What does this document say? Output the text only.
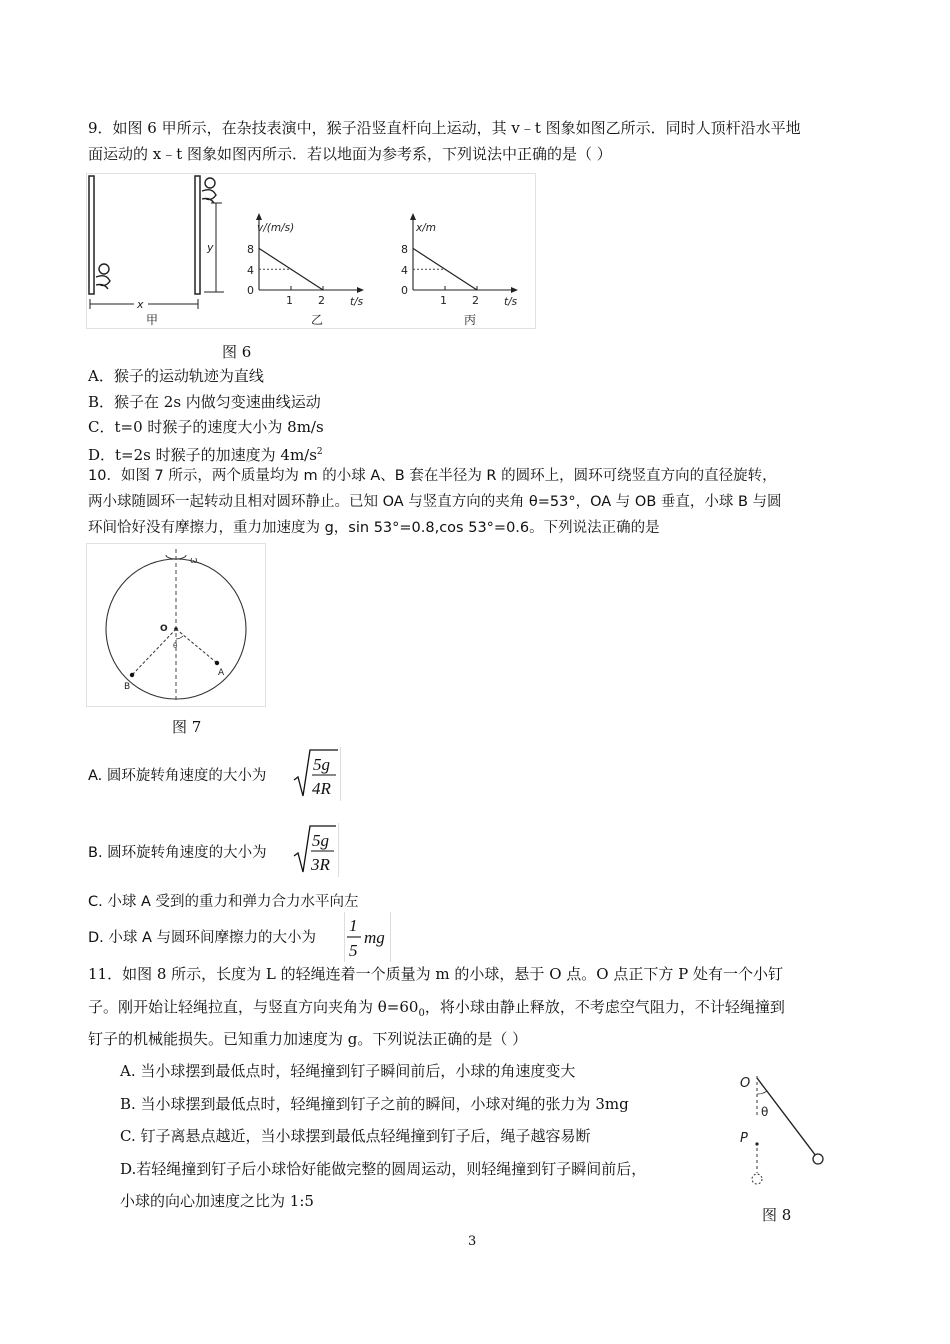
9．如图 6 甲所示，在杂技表演中，猴子沿竖直杆向上运动，其 v﹣t 图象如图乙所示．同时人顶杆沿水平地
面运动的 x﹣t 图象如图丙所示．若以地面为参考系，下列说法中正确的是（ ）
y
x
甲
v/(m/s)
t/s
8
4
0
1 2
乙
x/m
t/s
8
4
0
1 2
丙
图 6
A．猴子的运动轨迹为直线
B．猴子在 2s 内做匀变速曲线运动
C．t=0 时猴子的速度大小为 8m/s
D．t=2s 时猴子的加速度为 $4m/s^2$
10．如图 7 所示，两个质量均为 m 的小球 A、B 套在半径为 R 的圆环上，圆环可绕竖直方向的直径旋转，
两小球随圆环一起转动且相对圆环静止。已知 OA 与竖直方向的夹角 θ=53°，OA 与 OB 垂直，小球 B 与圆
环间恰好没有摩擦力，重力加速度为 g，sin 53°=0.8,cos 53°=0.6。下列说法正确的是
ω
O
A
B
θ
图 7
A. 圆环旋转角速度的大小为
5g
4R
B. 圆环旋转角速度的大小为
5g
3R
C. 小球 A 受到的重力和弹力合力水平向左
D. 小球 A 与圆环间摩擦力的大小为
1
5
mg
11．如图 8 所示，长度为 L 的轻绳连着一个质量为 m 的小球，悬于 O 点。O 点正下方 P 处有一个小钉
子。刚开始让轻绳拉直，与竖直方向夹角为 $\theta=60_0$，将小球由静止释放，不考虑空气阻力，不计轻绳撞到
钉子的机械能损失。已知重力加速度为 g。下列说法正确的是（ ）
A. 当小球摆到最低点时，轻绳撞到钉子瞬间前后，小球的角速度变大
B. 当小球摆到最低点时，轻绳撞到钉子之前的瞬间，小球对绳的张力为 3mg
C. 钉子离悬点越近，当小球摆到最低点轻绳撞到钉子后，绳子越容易断
D.若轻绳撞到钉子后小球恰好能做完整的圆周运动，则轻绳撞到钉子瞬间前后，
小球的向心加速度之比为 1:5
O
θ
P
图 8
3
